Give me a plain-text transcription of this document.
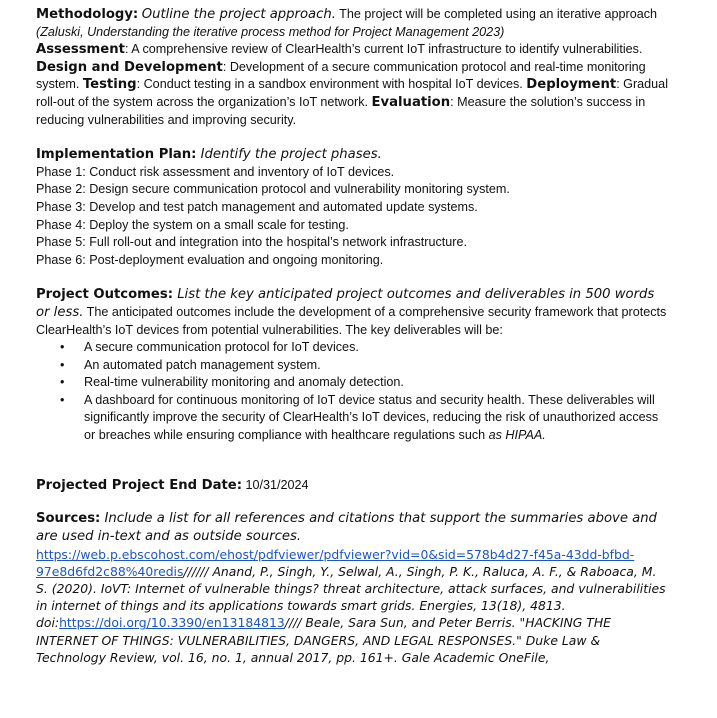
Methodology: Outline the project approach. The project will be completed using an iterative approach (Zaluski, Understanding the iterative process method for Project Management 2023)
Assessment: A comprehensive review of ClearHealth’s current IoT infrastructure to identify vulnerabilities. Design and Development: Development of a secure communication protocol and real-time monitoring system. Testing: Conduct testing in a sandbox environment with hospital IoT devices. Deployment: Gradual roll-out of the system across the organization’s IoT network. Evaluation: Measure the solution’s success in reducing vulnerabilities and improving security.

Implementation Plan: Identify the project phases.

Phase 1: Conduct risk assessment and inventory of IoT devices.
Phase 2: Design secure communication protocol and vulnerability monitoring system.
Phase 3: Develop and test patch management and automated update systems.
Phase 4: Deploy the system on a small scale for testing.
Phase 5: Full roll-out and integration into the hospital’s network infrastructure.
Phase 6: Post-deployment evaluation and ongoing monitoring.

Project Outcomes: List the key anticipated project outcomes and deliverables in 500 words or less. The anticipated outcomes include the development of a comprehensive security framework that protects ClearHealth’s IoT devices from potential vulnerabilities. The key deliverables will be:

• A secure communication protocol for IoT devices.
• An automated patch management system.
• Real-time vulnerability monitoring and anomaly detection.
• A dashboard for continuous monitoring of IoT device status and security health. These deliverables will significantly improve the security of ClearHealth’s IoT devices, reducing the risk of unauthorized access or breaches while ensuring compliance with healthcare regulations such as HIPAA.

Projected Project End Date: 10/31/2024

Sources: Include a list for all references and citations that support the summaries above and are used in-text and as outside sources.
https://web.p.ebscohost.com/ehost/pdfviewer/pdfviewer?vid=0&sid=578b4d27-f45a-43dd-bfbd-97e8d6fd2c88%40redis////// Anand, P., Singh, Y., Selwal, A., Singh, P. K., Raluca, A. F., & Raboaca, M. S. (2020). IoVT: Internet of vulnerable things? threat architecture, attack surfaces, and vulnerabilities in internet of things and its applications towards smart grids. Energies, 13(18), 4813. doi:https://doi.org/10.3390/en13184813//// Beale, Sara Sun, and Peter Berris. "HACKING THE INTERNET OF THINGS: VULNERABILITIES, DANGERS, AND LEGAL RESPONSES." Duke Law & Technology Review, vol. 16, no. 1, annual 2017, pp. 161+. Gale Academic OneFile,
